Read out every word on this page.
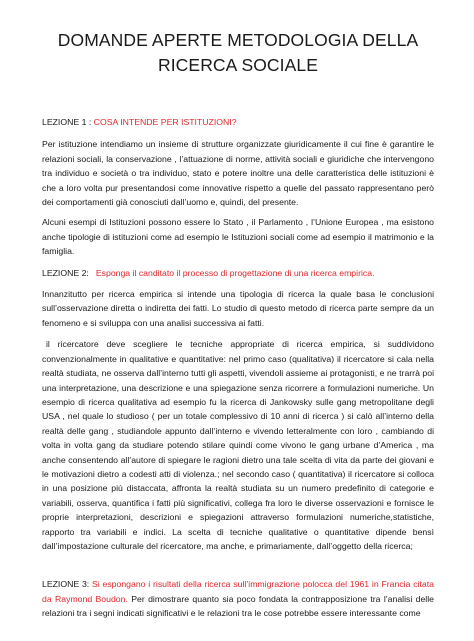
DOMANDE APERTE METODOLOGIA DELLA RICERCA SOCIALE

LEZIONE 1 : COSA INTENDE PER ISTITUZIONI?

Per istituzione intendiamo un insieme di strutture organizzate giuridicamente il cui fine è garantire le relazioni sociali, la conservazione , l’attuazione di norme, attività sociali e giuridiche che intervengono tra individuo e società o tra individuo, stato e potere inoltre una delle caratteristica delle istituzioni è che a loro volta pur presentandosi come innovative rispetto a quelle del passato rappresentano però dei comportamenti già conosciuti dall’uomo e, quindi, del presente.

Alcuni esempi di Istituzioni possono essere lo Stato , il Parlamento , l’Unione Europea , ma esistono anche tipologie di istituzioni come ad esempio le Istituzioni sociali come ad esempio il matrimonio e la famiglia.

LEZIONE 2: Esponga il canditato il processo di progettazione di una ricerca empirica.

Innanzitutto per ricerca empirica si intende una tipologia di ricerca la quale basa le conclusioni sull’osservazione diretta o indiretta dei fatti. Lo studio di questo metodo di ricerca parte sempre da un fenomeno e si sviluppa con una analisi successiva ai fatti.

il ricercatore deve scegliere le tecniche appropriate di ricerca empirica, si suddividono convenzionalmente in qualitative e quantitative: nel primo caso (qualitativa) il ricercatore si cala nella realtà studiata, ne osserva dall’interno tutti gli aspetti, vivendoli assieme ai protagonisti, e ne trarrà poi una interpretazione, una descrizione e una spiegazione senza ricorrere a formulazioni numeriche. Un esempio di ricerca qualitativa ad esempio fu la ricerca di Jankowsky sulle gang metropolitane degli USA , nel quale lo studioso ( per un totale complessivo di 10 anni di ricerca ) si calò all’interno della realtà delle gang , studiandole appunto dall’interno e vivendo letteralmente con loro , cambiando di volta in volta gang da studiare potendo stilare quindi come vivono le gang urbane d’America , ma anche consentendo all’autore di spiegare le ragioni dietro una tale scelta di vita da parte dei giovani e le motivazioni dietro a codesti atti di violenza.; nel secondo caso ( quantitativa) il ricercatore si colloca in una posizione più distaccata, affronta la realtà studiata su un numero predefinito di categorie e variabili, osserva, quantifica i fatti più significativi, collega fra loro le diverse osservazioni e fornisce le proprie interpretazioni, descrizioni e spiegazioni attraverso formulazioni numeriche,statistiche, rapporto tra variabili e indici. La scelta di tecniche qualitative o quantitative dipende bensì dall’impostazione culturale del ricercatore, ma anche, e primariamente, dall’oggetto della ricerca;

LEZIONE 3: Si espongano i risultati della ricerca sull’immigrazione polocca del 1961 in Francia citata da Raymond Boudon. Per dimostrare quanto sia poco fondata la contrapposizione tra l’analisi delle relazioni tra i segni indicati significativi e le relazioni tra le cose potrebbe essere interessante come
